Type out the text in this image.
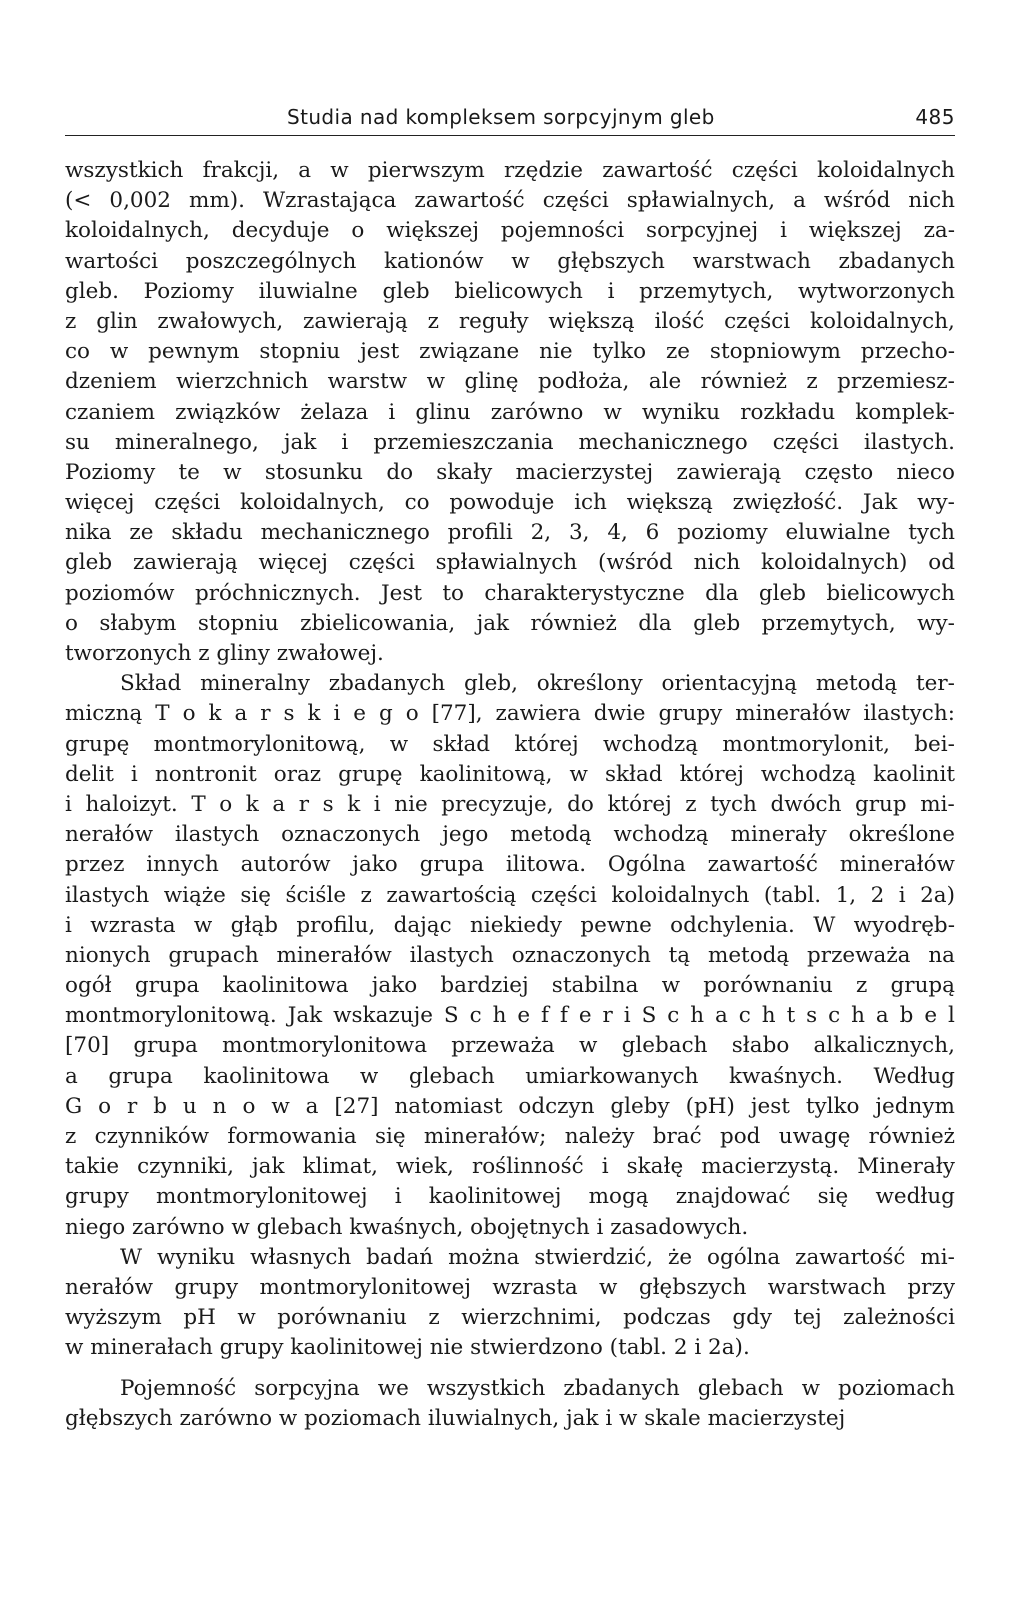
Studia nad kompleksem sorpcyjnym gleb	485
wszystkich frakcji, a w pierwszym rzędzie zawartość części koloidalnych
(< 0,002 mm). Wzrastająca zawartość części spławialnych, a wśród nich
koloidalnych, decyduje o większej pojemności sorpcyjnej i większej za-
wartości poszczególnych kationów w głębszych warstwach zbadanych
gleb. Poziomy iluwialne gleb bielicowych i przemytych, wytworzonych
z glin zwałowych, zawierają z reguły większą ilość części koloidalnych,
co w pewnym stopniu jest związane nie tylko ze stopniowym przecho-
dzeniem wierzchnich warstw w glinę podłoża, ale również z przemiesz-
czaniem związków żelaza i glinu zarówno w wyniku rozkładu komplek-
su mineralnego, jak i przemieszczania mechanicznego części ilastych.
Poziomy te w stosunku do skały macierzystej zawierają często nieco
więcej części koloidalnych, co powoduje ich większą zwięzłość. Jak wy-
nika ze składu mechanicznego profili 2, 3, 4, 6 poziomy eluwialne tych
gleb zawierają więcej części spławialnych (wśród nich koloidalnych) od
poziomów próchnicznych. Jest to charakterystyczne dla gleb bielicowych
o słabym stopniu zbielicowania, jak również dla gleb przemytych, wy-
tworzonych z gliny zwałowej.
Skład mineralny zbadanych gleb, określony orientacyjną metodą ter-
miczną T o k a r s k i e g o [77], zawiera dwie grupy minerałów ilastych:
grupę montmorylonitową, w skład której wchodzą montmorylonit, bei-
delit i nontronit oraz grupę kaolinitową, w skład której wchodzą kaolinit
i haloizyt. T o k a r s k i nie precyzuje, do której z tych dwóch grup mi-
nerałów ilastych oznaczonych jego metodą wchodzą minerały określone
przez innych autorów jako grupa ilitowa. Ogólna zawartość minerałów
ilastych wiąże się ściśle z zawartością części koloidalnych (tabl. 1, 2 i 2a)
i wzrasta w głąb profilu, dając niekiedy pewne odchylenia. W wyodręb-
nionych grupach minerałów ilastych oznaczonych tą metodą przeważa na
ogół grupa kaolinitowa jako bardziej stabilna w porównaniu z grupą
montmorylonitową. Jak wskazuje S c h e f f e r i S c h a c h t s c h a b e l
[70] grupa montmorylonitowa przeważa w glebach słabo alkalicznych,
a grupa kaolinitowa w glebach umiarkowanych kwaśnych. Według
G o r b u n o w a [27] natomiast odczyn gleby (pH) jest tylko jednym
z czynników formowania się minerałów; należy brać pod uwagę również
takie czynniki, jak klimat, wiek, roślinność i skałę macierzystą. Minerały
grupy montmorylonitowej i kaolinitowej mogą znajdować się według
niego zarówno w glebach kwaśnych, obojętnych i zasadowych.
W wyniku własnych badań można stwierdzić, że ogólna zawartość mi-
nerałów grupy montmorylonitowej wzrasta w głębszych warstwach przy
wyższym pH w porównaniu z wierzchnimi, podczas gdy tej zależności
w minerałach grupy kaolinitowej nie stwierdzono (tabl. 2 i 2a).
Pojemność sorpcyjna we wszystkich zbadanych glebach w poziomach
głębszych zarówno w poziomach iluwialnych, jak i w skale macierzystej
